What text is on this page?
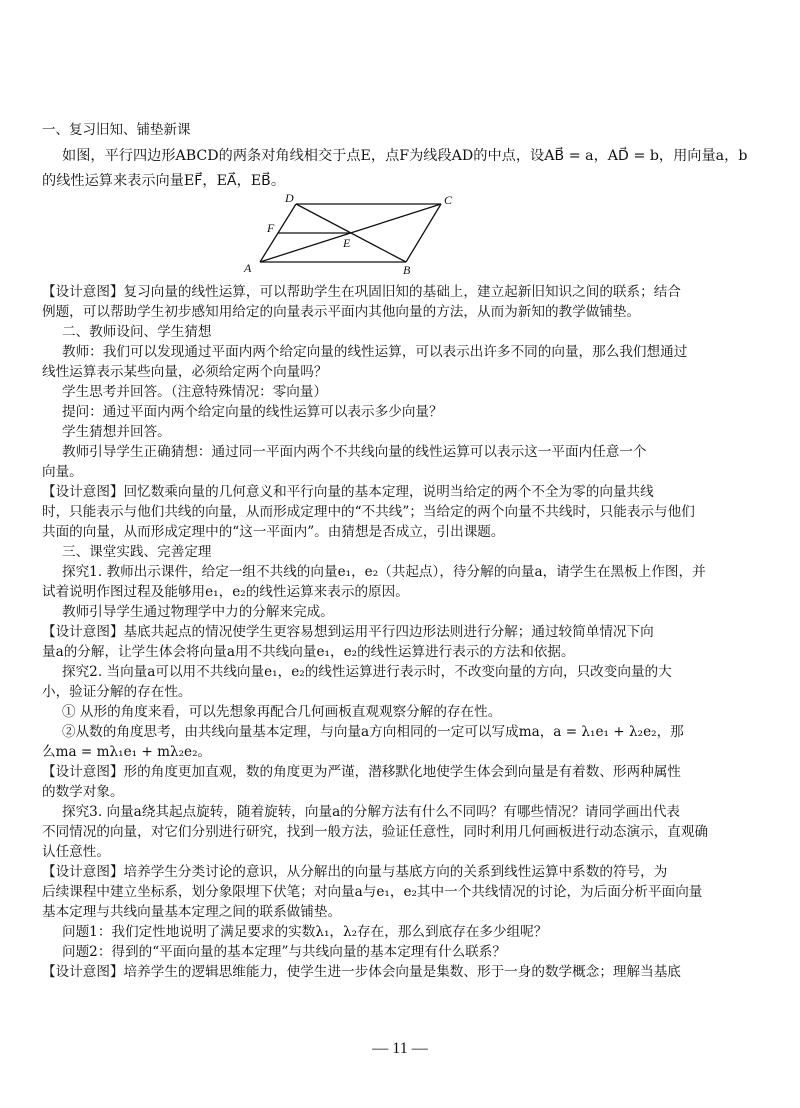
一、复习旧知、铺垫新课

如图，平行四边形ABCD的两条对角线相交于点E，点F为线段AD的中点，设AB⃗ = a，AD⃗ = b，用向量a，b

的线性运算来表示向量EF⃗，EA⃗，EB⃗。

A	B
C
D
E
F

【设计意图】复习向量的线性运算，可以帮助学生在巩固旧知的基础上，建立起新旧知识之间的联系；结合

例题，可以帮助学生初步感知用给定的向量表示平面内其他向量的方法，从而为新知的教学做铺垫。

二、教师设问、学生猜想

教师：我们可以发现通过平面内两个给定向量的线性运算，可以表示出许多不同的向量，那么我们想通过

线性运算表示某些向量，必须给定两个向量吗？

学生思考并回答。（注意特殊情况：零向量）

提问：通过平面内两个给定向量的线性运算可以表示多少向量？

学生猜想并回答。

教师引导学生正确猜想：通过同一平面内两个不共线向量的线性运算可以表示这一平面内任意一个

向量。

【设计意图】回忆数乘向量的几何意义和平行向量的基本定理，说明当给定的两个不全为零的向量共线

时，只能表示与他们共线的向量，从而形成定理中的“不共线”；当给定的两个向量不共线时，只能表示与他们

共面的向量，从而形成定理中的“这一平面内”。由猜想是否成立，引出课题。

三、课堂实践、完善定理

探究1. 教师出示课件，给定一组不共线的向量e₁，e₂（共起点），待分解的向量a，请学生在黑板上作图，并

试着说明作图过程及能够用e₁，e₂的线性运算来表示的原因。

教师引导学生通过物理学中力的分解来完成。

【设计意图】基底共起点的情况使学生更容易想到运用平行四边形法则进行分解；通过较简单情况下向

量a的分解，让学生体会将向量a用不共线向量e₁，e₂的线性运算进行表示的方法和依据。

探究2. 当向量a可以用不共线向量e₁，e₂的线性运算进行表示时，不改变向量的方向，只改变向量的大

小，验证分解的存在性。

① 从形的角度来看，可以先想象再配合几何画板直观观察分解的存在性。

②从数的角度思考，由共线向量基本定理，与向量a方向相同的一定可以写成ma，a = λ₁e₁ + λ₂e₂，那

么ma = mλ₁e₁ + mλ₂e₂。

【设计意图】形的角度更加直观，数的角度更为严谨，潜移默化地使学生体会到向量是有着数、形两种属性

的数学对象。

探究3. 向量a绕其起点旋转，随着旋转，向量a的分解方法有什么不同吗？有哪些情况？请同学画出代表

不同情况的向量，对它们分别进行研究，找到一般方法，验证任意性，同时利用几何画板进行动态演示，直观确

认任意性。

【设计意图】培养学生分类讨论的意识，从分解出的向量与基底方向的关系到线性运算中系数的符号，为

后续课程中建立坐标系，划分象限埋下伏笔；对向量a与e₁，e₂其中一个共线情况的讨论，为后面分析平面向量

基本定理与共线向量基本定理之间的联系做铺垫。

问题1：我们定性地说明了满足要求的实数λ₁，λ₂存在，那么到底存在多少组呢？

问题2：得到的“平面向量的基本定理”与共线向量的基本定理有什么联系？

【设计意图】培养学生的逻辑思维能力，使学生进一步体会向量是集数、形于一身的数学概念；理解当基底

— 11 —
